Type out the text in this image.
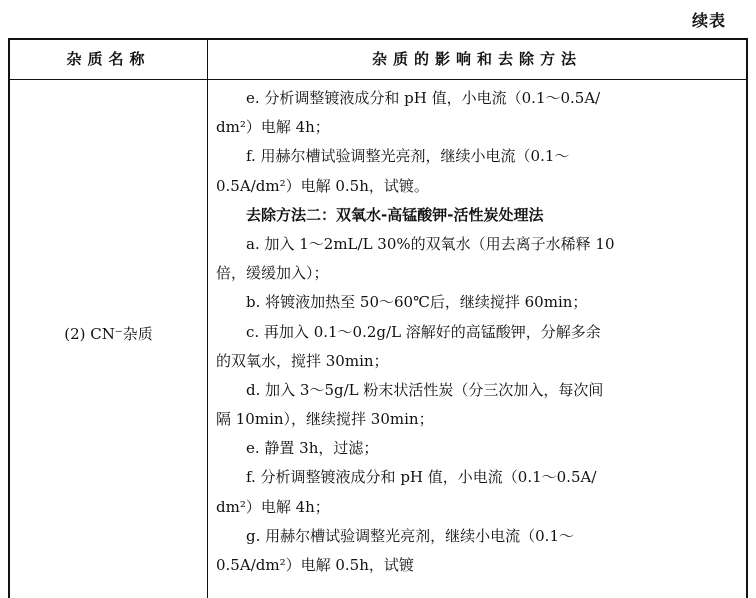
续表
杂质名称	杂质的影响和去除方法
(2) CN⁻杂质
e. 分析调整镀液成分和 pH 值，小电流（0.1～0.5A/
dm²）电解 4h；
f. 用赫尔槽试验调整光亮剂，继续小电流（0.1～
0.5A/dm²）电解 0.5h，试镀。
去除方法二：双氧水-高锰酸钾-活性炭处理法
a. 加入 1～2mL/L 30%的双氧水（用去离子水稀释 10
倍，缓缓加入）；
b. 将镀液加热至 50～60℃后，继续搅拌 60min；
c. 再加入 0.1～0.2g/L 溶解好的高锰酸钾，分解多余
的双氧水，搅拌 30min；
d. 加入 3～5g/L 粉末状活性炭（分三次加入，每次间
隔 10min），继续搅拌 30min；
e. 静置 3h，过滤；
f. 分析调整镀液成分和 pH 值，小电流（0.1～0.5A/
dm²）电解 4h；
g. 用赫尔槽试验调整光亮剂，继续小电流（0.1～
0.5A/dm²）电解 0.5h，试镀
